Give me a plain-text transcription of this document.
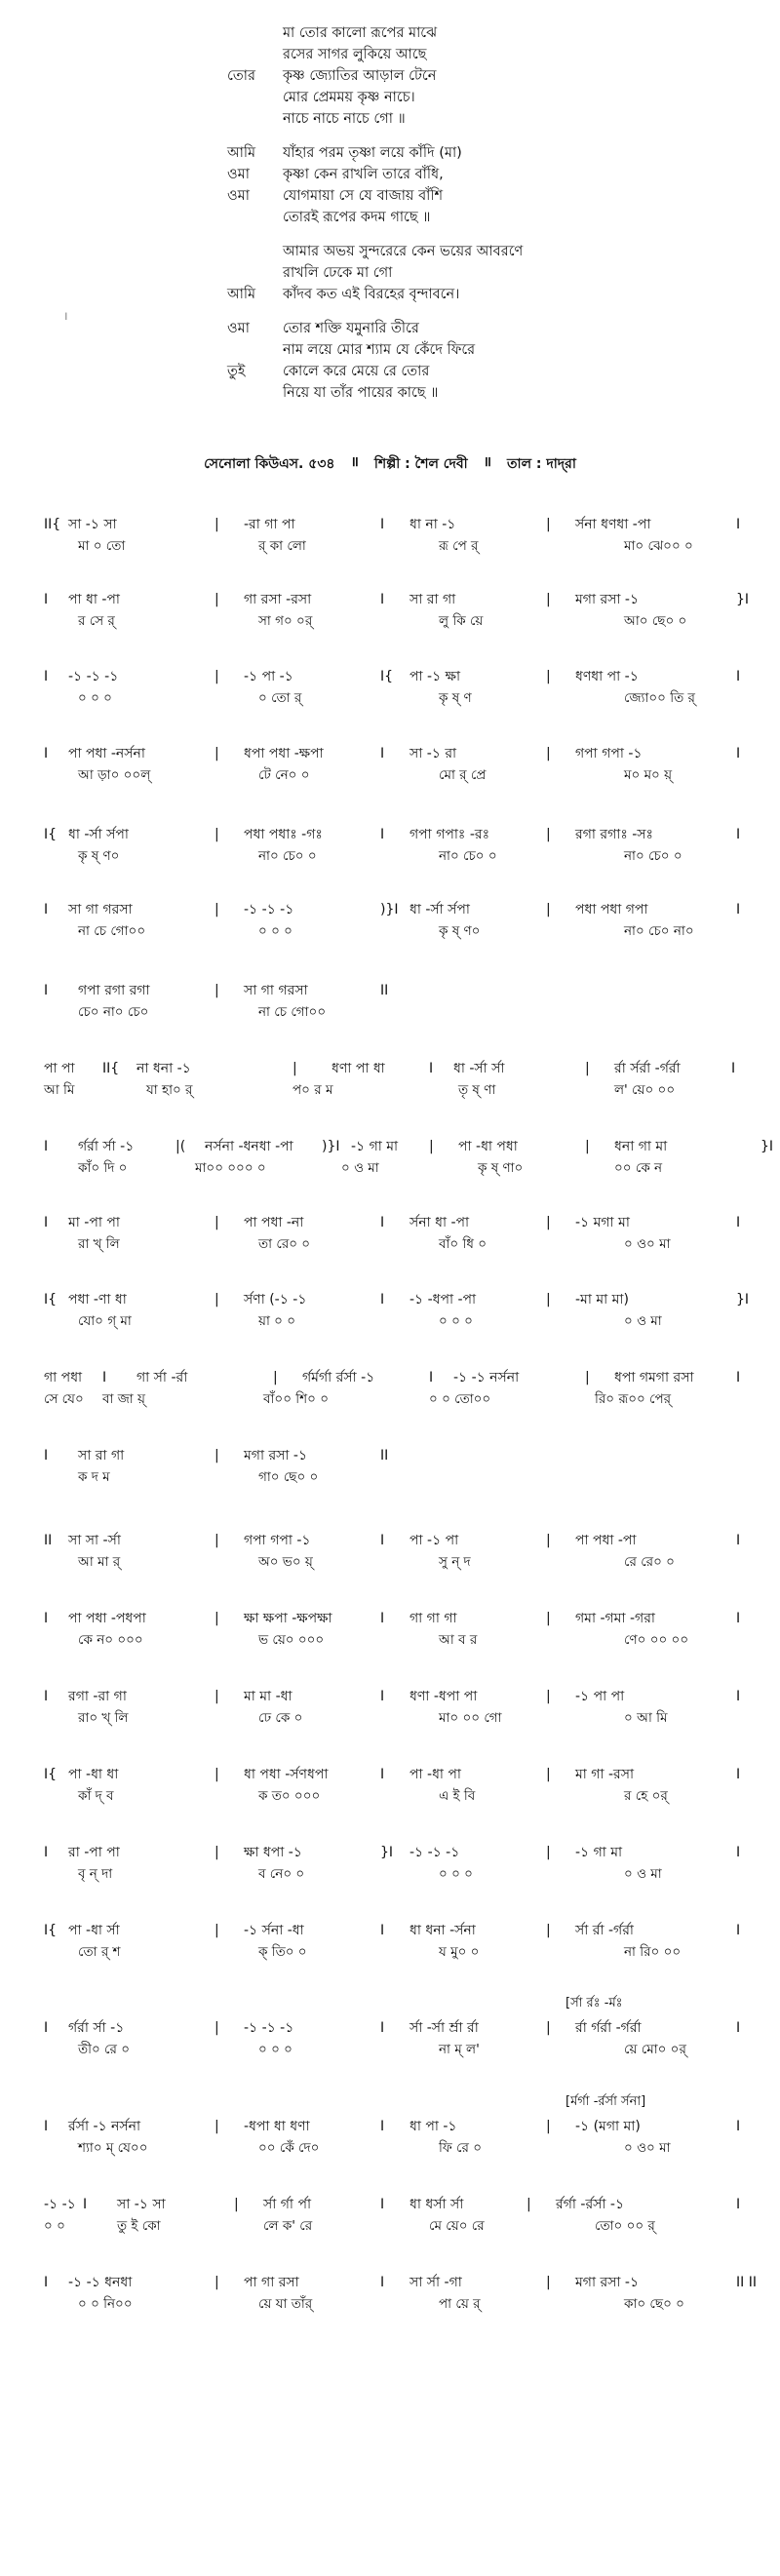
মা তোর কালো রূপের মাঝে
রসের সাগর লুকিয়ে আছে
তোর কৃষ্ণ জ্যোতির আড়াল টেনে
মোর প্রেমময় কৃষ্ণ নাচে।
নাচে নাচে নাচে গো ॥
আমি যাঁহার পরম তৃষ্ণা লয়ে কাঁদি (মা)
ওমা কৃষ্ণা কেন রাখলি তারে বাঁধি,
ওমা যোগমায়া সে যে বাজায় বাঁশি
তোরই রূপের কদম গাছে ॥
আমার অভয় সুন্দরেরে কেন ভয়ের আবরণে
রাখলি ঢেকে মা গো
আমি কাঁদব কত এই বিরহের বৃন্দাবনে।
ওমা তোর শক্তি যমুনারি তীরে
নাম লয়ে মোর শ্যাম যে কেঁদে ফিরে
তুই	কোলে করে মেয়ে রে তোর
নিয়ে যা তাঁর পায়ের কাছে ॥
।
সেনোলা কিউএস. ৫৩৪ ॥ শিল্পী : শৈল দেবী ॥ তাল : দাদ্‌রা
II{ সা -১ সা	| -রা গা পা	I ধা না -১	| র্সনা ধণধা -পা	I
মা ০ তো	র্‌ কা লো	রূ পে র্‌	মা০ ঝে০০ ০
I পা ধা -পা	| গা রসা -রসা	I সা রা গা	| মগা রসা -১	}I
র সে র্‌	সা গ০ ০র্‌	লু কি য়ে	আ০ ছে০ ০
I -১ -১ -১	| -১ পা -১	I{ পা -১ ক্ষা	| ধণধা পা -১	I
০ ০ ০	০ তো র্‌	কৃ ষ্‌ ণ	জ্যো০০ তি র্‌
I পা পধা -নর্সনা	| ধপা পধা -ক্ষপা	I সা -১ রা	| গপা গপা -১	I
আ ড়া০ ০০ল্‌	টে নে০ ০	মো র্‌ প্রে	ম০ ম০ য়্‌
I{ ধা -র্সা র্সপা	| পধা পধাঃ -গঃ	I গপা গপাঃ -রঃ	| রগা রগাঃ -সঃ	I
কৃ ষ্‌ ণ০	না০ চে০ ০	না০ চে০ ০	না০ চে০ ০
I সা গা গরসা	| -১ -১ -১	)}I ধা -র্সা র্সপা	| পধা পধা গপা	I
না চে গো০০	০ ০ ০	কৃ ষ্‌ ণ০	না০ চে০ না০
I গপা রগা রগা	| সা গা গরসা	II
চে০ না০ চে০	না চে গো০০
পা পা II{ না ধনা -১	|	ধণা পা ধা	I ধা -র্সা র্সা	| র্রা র্সর্রা -র্গর্রা	I
আ মি	যা হা০ র্‌	প০ র ম	তৃ ষ্‌ ণা	ল' য়ে০ ০০
I র্গর্রা র্সা -১	|( নর্সনা -ধনধা -পা )}I -১ গা মা | পা -ধা পধা	| ধনা গা মা	}I
কাঁ০ দি ০	মা০০ ০০০ ০	০ ও মা	কৃ ষ্‌ ণা০	০০ কে ন
I মা -পা পা	| পা পধা -না	I র্সনা ধা -পা	| -১ মগা মা	I
রা খ্‌ লি	তা রে০ ০	বাঁ০ ধি ০	০ ও০ মা
I{ পধা -ণা ধা	| র্সণা (-১ -১	I -১ -ধপা -পা	| -মা মা মা)	}I
যো০ গ্‌ মা	য়া ০ ০	০ ০ ০	০ ও মা
গা পধা I গা র্সা -র্রা	| র্গর্মর্গা র্রর্সা -১	I -১ -১ নর্সনা	| ধপা গমগা রসা	I
সে যে০ বা জা য়্‌	বাঁ০০ শি০ ০	০ ০ তো০০	রি০ রূ০০ পের্‌
I সা রা গা	| মগা রসা -১	II
ক দ ম	গা০ ছে০ ০
II সা সা -র্সা	| গপা গপা -১	I পা -১ পা	| পা পধা -পা	I
আ মা র্‌	অ০ ভ০ য়্‌	সু ন্‌ দ	রে রে০ ০
I পা পধা -পধপা	| ক্ষা ক্ষপা -ক্ষপক্ষা	I গা গা গা	| গমা -গমা -গরা	I
কে ন০ ০০০	ভ য়ে০ ০০০	আ ব র	ণে০ ০০ ০০
I রগা -রা গা	| মা মা -ধা	I ধণা -ধপা পা	| -১ পা পা	I
রা০ খ্‌ লি	ঢে কে ০	মা০ ০০ গো	০ আ মি
I{ পা -ধা ধা	| ধা পধা -র্সণধপা	I পা -ধা পা	| মা গা -রসা	I
কাঁ দ্‌ ব	ক ত০ ০০০	এ ই বি	র হে ০র্‌
I রা -পা পা	| ক্ষা ধপা -১	}I -১ -১ -১	| -১ গা মা	I
বৃ ন্‌ দা	ব নে০ ০	০ ০ ০	০ ও মা
I{ পা -ধা র্সা	| -১ র্সনা -ধা	I ধা ধনা -র্সনা	| র্সা র্রা -র্গর্রা	I
তো র্‌ শ	ক্‌ তি০ ০	য মু০ ০	না রি০ ০০
[র্সা র্রঃ -র্মঃ
I র্গর্রা র্সা -১	| -১ -১ -১	I র্সা -র্সা র্ম্রা র্রা	| র্রা র্গর্রা -র্গর্রা	I
তী০ রে ০	০ ০ ০	না ম্‌ ল'	য়ে মো০ ০র্‌
[র্মর্গা -র্রর্সা র্সনা]
I র্রর্সা -১ নর্সনা	| -ধপা ধা ধণা	I ধা পা -১	| -১ (মগা মা)	I
শ্যা০ ম্‌ যে০০	০০ কেঁ দে০	ফি রে ০	০ ও০ মা
-১ -১ I সা -১ সা	| র্সা র্গা র্পা	I ধা ধর্সা র্সা	| র্রর্গা -র্রর্সা -১	I
০ ০	তু ই কো	লে ক' রে	মে য়ে০ রে	তো০ ০০ র্‌
I -১ -১ ধনধা	| পা গা রসা	I সা র্সা -গা	| মগা রসা -১	II II
০ ০ নি০০	য়ে যা তাঁর্‌	পা য়ে র্‌	কা০ ছে০ ০
